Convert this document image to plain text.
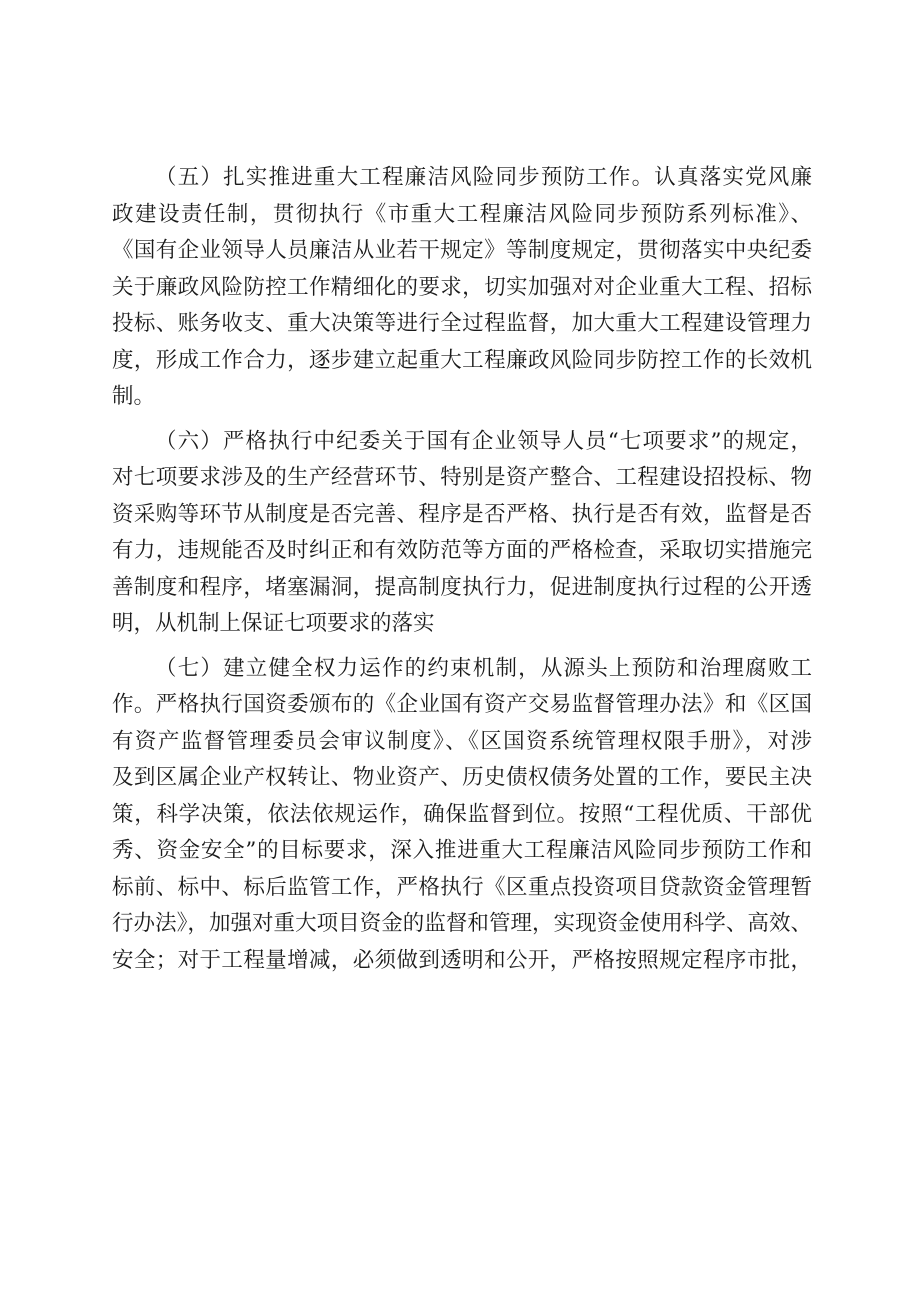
（五）扎实推进重大工程廉洁风险同步预防工作。认真落实党风廉
政建设责任制，贯彻执行《市重大工程廉洁风险同步预防系列标准》、
《国有企业领导人员廉洁从业若干规定》等制度规定，贯彻落实中央纪委
关于廉政风险防控工作精细化的要求，切实加强对对企业重大工程、招标
投标、账务收支、重大决策等进行全过程监督，加大重大工程建设管理力
度，形成工作合力，逐步建立起重大工程廉政风险同步防控工作的长效机
制。
（六）严格执行中纪委关于国有企业领导人员“七项要求”的规定，
对七项要求涉及的生产经营环节、特别是资产整合、工程建设招投标、物
资采购等环节从制度是否完善、程序是否严格、执行是否有效，监督是否
有力，违规能否及时纠正和有效防范等方面的严格检查，采取切实措施完
善制度和程序，堵塞漏洞，提高制度执行力，促进制度执行过程的公开透
明，从机制上保证七项要求的落实
（七）建立健全权力运作的约束机制，从源头上预防和治理腐败工
作。严格执行国资委颁布的《企业国有资产交易监督管理办法》和《区国
有资产监督管理委员会审议制度》、《区国资系统管理权限手册》，对涉
及到区属企业产权转让、物业资产、历史债权债务处置的工作，要民主决
策，科学决策，依法依规运作，确保监督到位。按照“工程优质、干部优
秀、资金安全”的目标要求，深入推进重大工程廉洁风险同步预防工作和
标前、标中、标后监管工作，严格执行《区重点投资项目贷款资金管理暂
行办法》，加强对重大项目资金的监督和管理，实现资金使用科学、高效、
安全；对于工程量增减，必须做到透明和公开，严格按照规定程序市批，
